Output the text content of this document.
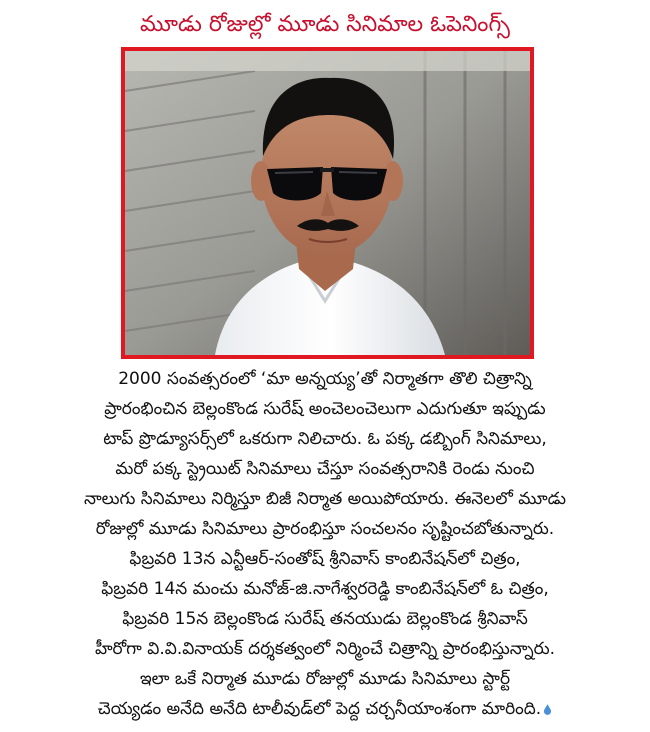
మూడు రోజుల్లో మూడు సినిమాల ఓపెనింగ్స్
2000 సంవత్సరంలో ‘మా అన్నయ్య’తో నిర్మాతగా తొలి చిత్రాన్ని
ప్రారంభించిన బెల్లంకొండ సురేష్ అంచెలంచెలుగా ఎదుగుతూ ఇప్పుడు
టాప్ ప్రొడ్యూసర్స్‌లో ఒకరుగా నిలిచారు. ఓ పక్క డబ్బింగ్ సినిమాలు,
మరో పక్క స్ట్రెయిట్ సినిమాలు చేస్తూ సంవత్సరానికి రెండు నుంచి
నాలుగు సినిమాలు నిర్మిస్తూ బిజీ నిర్మాత అయిపోయారు. ఈనెలలో మూడు
రోజుల్లో మూడు సినిమాలు ప్రారంభిస్తూ సంచలనం సృష్టించబోతున్నారు.
ఫిబ్రవరి 13న ఎన్టీఆర్-సంతోష్ శ్రీనివాస్ కాంబినేషన్‌లో చిత్రం,
ఫిబ్రవరి 14న మంచు మనోజ్-జి.నాగేశ్వరరెడ్డి కాంబినేషన్‌లో ఓ చిత్రం,
ఫిబ్రవరి 15న బెల్లంకొండ సురేష్ తనయుడు బెల్లంకొండ శ్రీనివాస్
హీరోగా వి.వి.వినాయక్ దర్శకత్వంలో నిర్మించే చిత్రాన్ని ప్రారంభిస్తున్నారు.
ఇలా ఒకే నిర్మాత మూడు రోజుల్లో మూడు సినిమాలు స్టార్ట్
చెయ్యడం అనేది అనేది టాలీవుడ్‌లో పెద్ద చర్చనీయాంశంగా మారింది.
